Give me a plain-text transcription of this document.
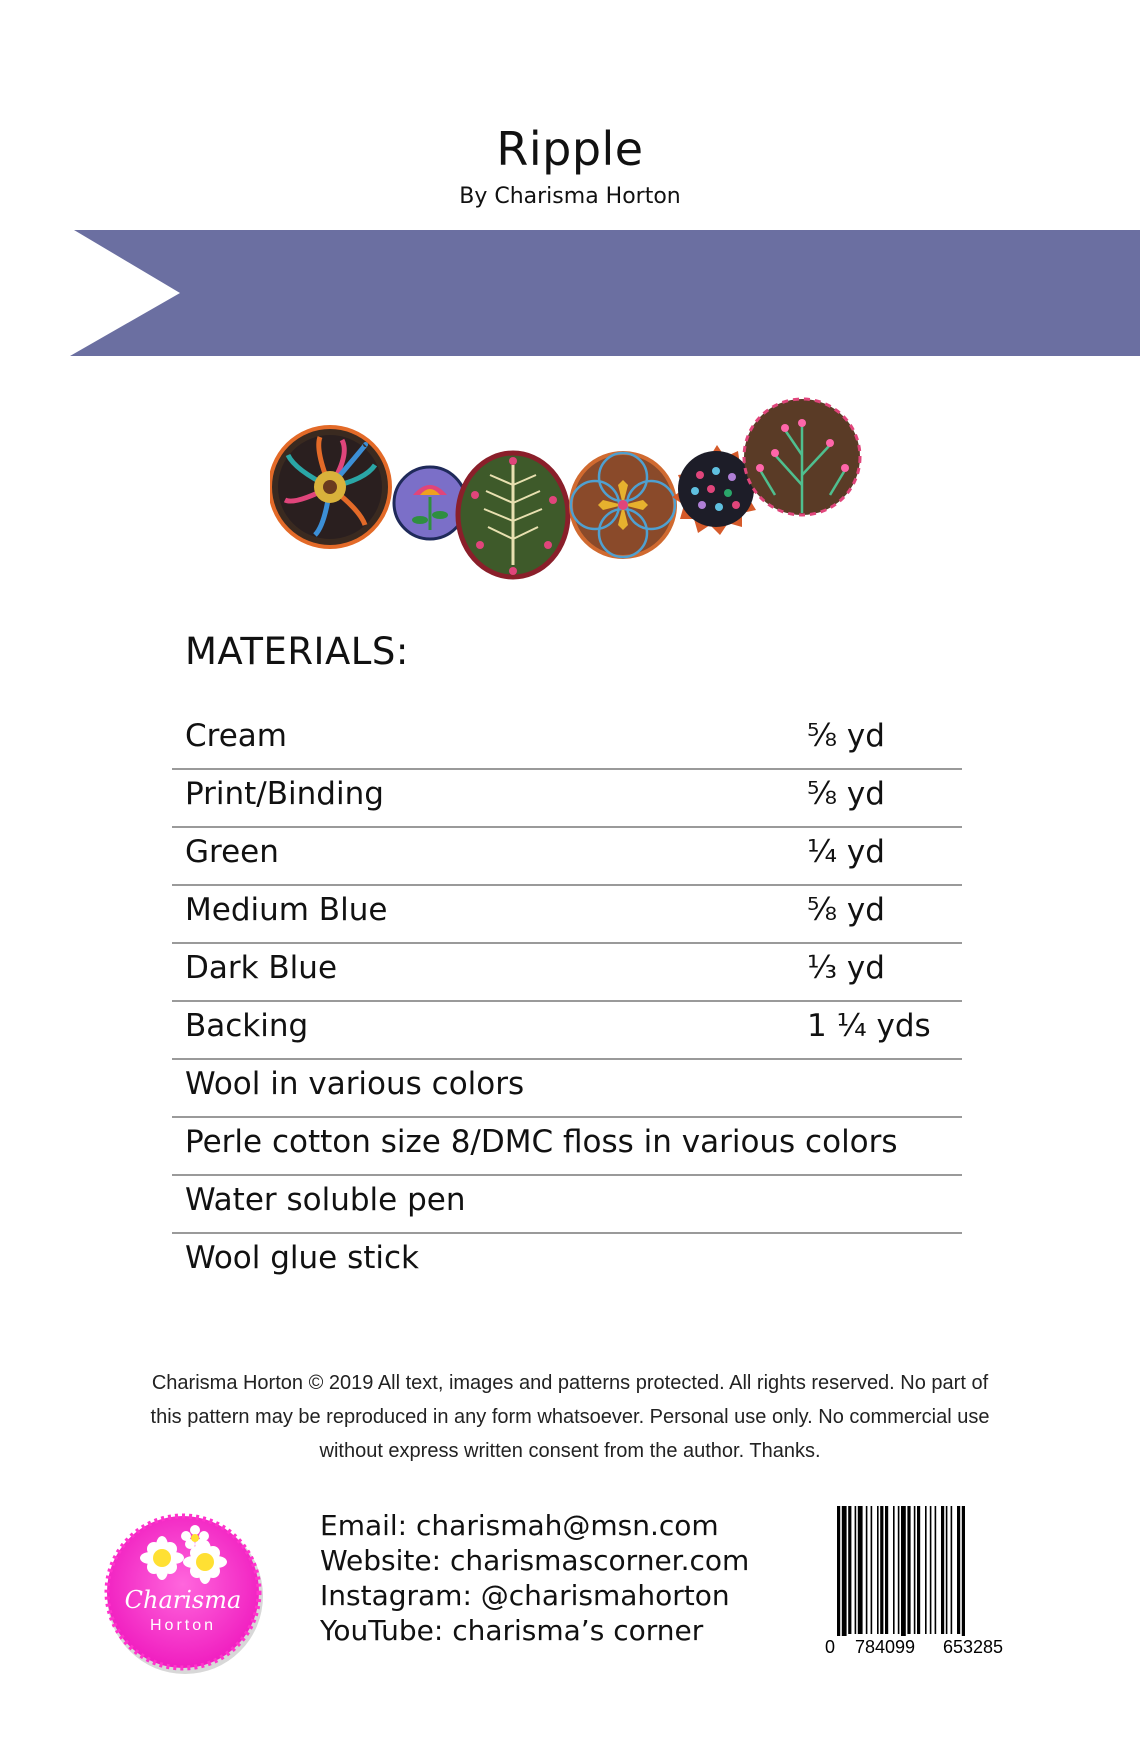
Ripple
By Charisma Horton
MATERIALS:
Cream	⅝ yd
Print/Binding	⅝ yd
Green	¼ yd
Medium Blue	⅝ yd
Dark Blue	⅓ yd
Backing	1 ¼ yds
Wool in various colors
Perle cotton size 8/DMC floss in various colors
Water soluble pen
Wool glue stick
Charisma Horton © 2019 All text, images and patterns protected. All rights reserved. No part of
this pattern may be reproduced in any form whatsoever. Personal use only. No commercial use
without express written consent from the author. Thanks.
Charisma
Horton
Email: charismah@msn.com
Website: charismascorner.com
Instagram: @charismahorton
YouTube: charisma’s corner	0 784099 653285
